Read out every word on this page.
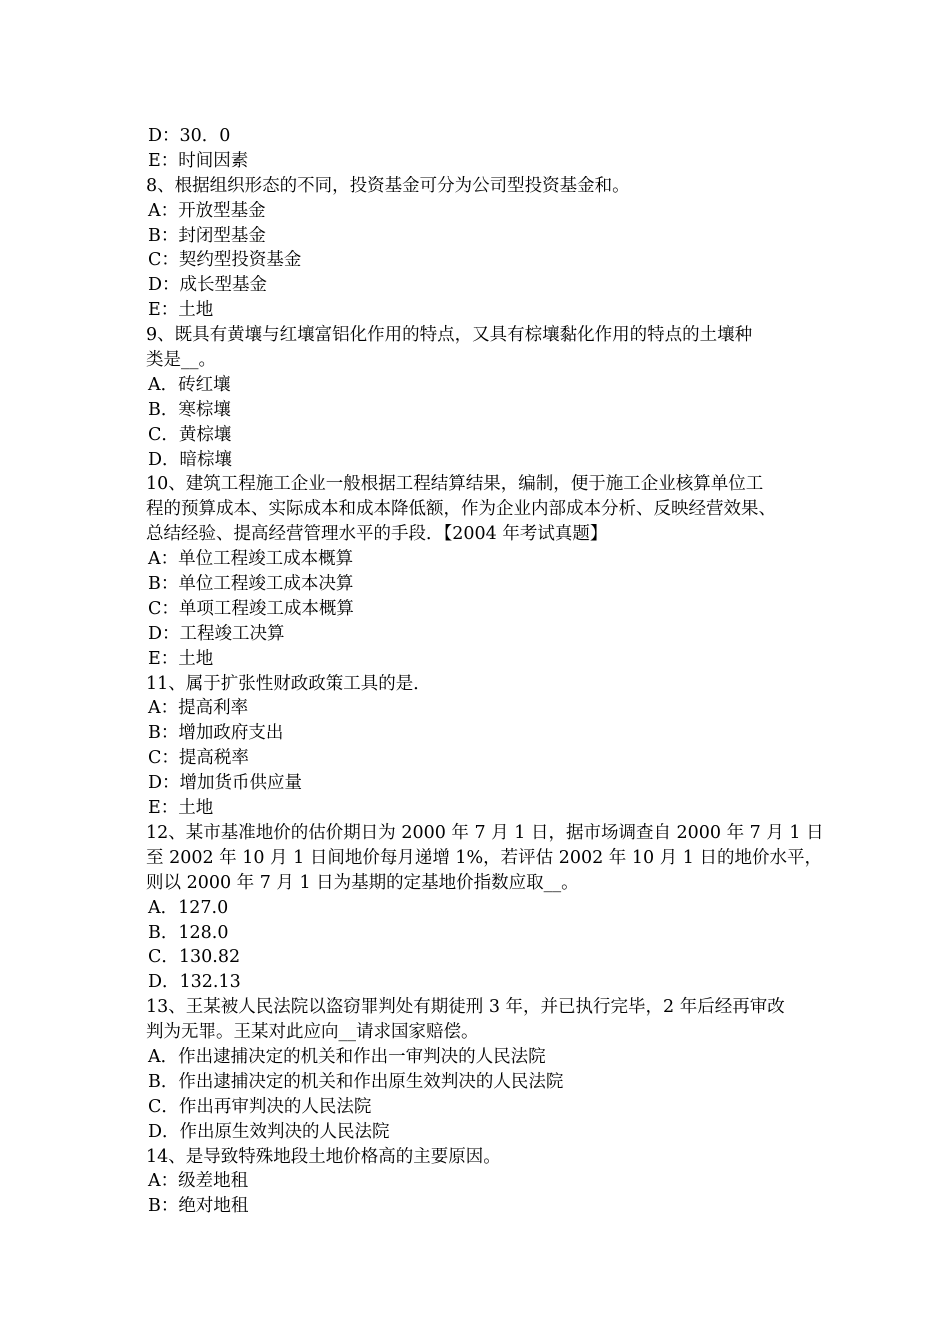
D：30．0
E：时间因素
8、根据组织形态的不同，投资基金可分为公司型投资基金和。
A：开放型基金
B：封闭型基金
C：契约型投资基金
D：成长型基金
E：土地
9、既具有黄壤与红壤富铝化作用的特点，又具有棕壤黏化作用的特点的土壤种
类是__。
A．砖红壤
B．寒棕壤
C．黄棕壤
D．暗棕壤
10、建筑工程施工企业一般根据工程结算结果，编制，便于施工企业核算单位工
程的预算成本、实际成本和成本降低额，作为企业内部成本分析、反映经营效果、
总结经验、提高经营管理水平的手段．【2004 年考试真题】
A：单位工程竣工成本概算
B：单位工程竣工成本决算
C：单项工程竣工成本概算
D：工程竣工决算
E：土地
11、属于扩张性财政政策工具的是．
A：提高利率
B：增加政府支出
C：提高税率
D：增加货币供应量
E：土地
12、某市基准地价的估价期日为 2000 年 7 月 1 日，据市场调查自 2000 年 7 月 1 日
至 2002 年 10 月 1 日间地价每月递增 1%，若评估 2002 年 10 月 1 日的地价水平，
则以 2000 年 7 月 1 日为基期的定基地价指数应取__。
A．127.0
B．128.0
C．130.82
D．132.13
13、王某被人民法院以盗窃罪判处有期徒刑 3 年，并已执行完毕，2 年后经再审改
判为无罪。王某对此应向__请求国家赔偿。
A．作出逮捕决定的机关和作出一审判决的人民法院
B．作出逮捕决定的机关和作出原生效判决的人民法院
C．作出再审判决的人民法院
D．作出原生效判决的人民法院
14、是导致特殊地段土地价格高的主要原因。
A：级差地租
B：绝对地租
